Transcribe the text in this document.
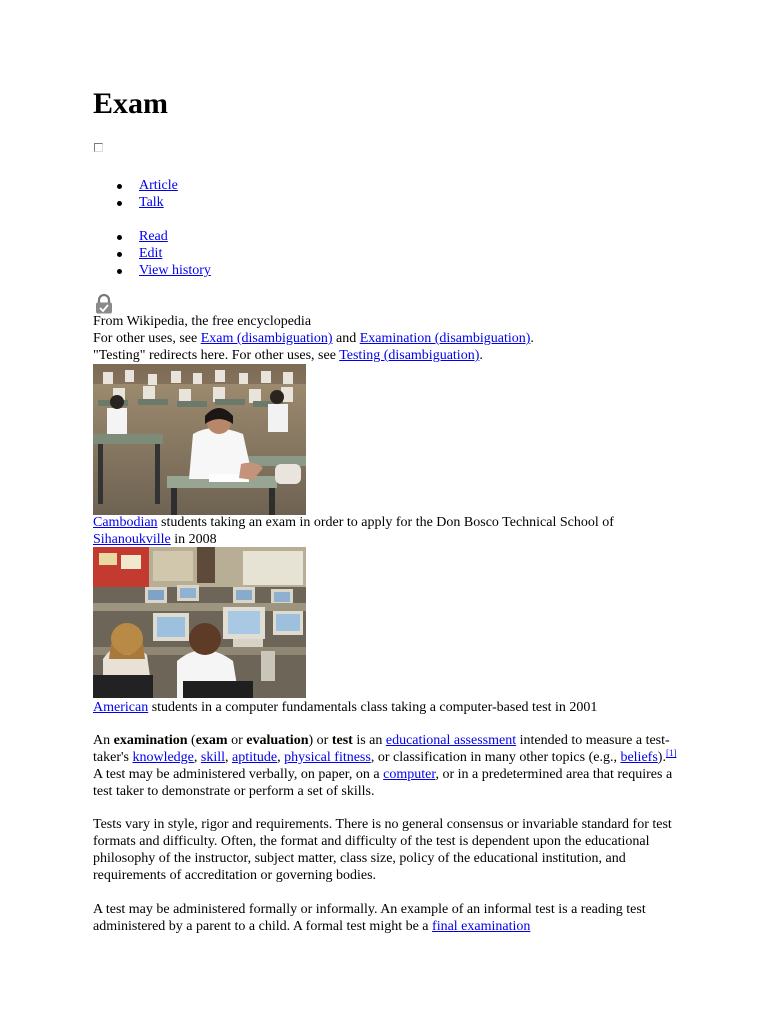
Exam
Article
Talk
Read
Edit
View history
From Wikipedia, the free encyclopedia
For other uses, see Exam (disambiguation) and Examination (disambiguation).
"Testing" redirects here. For other uses, see Testing (disambiguation).
Cambodian students taking an exam in order to apply for the Don Bosco Technical School of
Sihanoukville in 2008
American students in a computer fundamentals class taking a computer-based test in 2001

An examination (exam or evaluation) or test is an educational assessment intended to measure a test-taker's knowledge, skill, aptitude, physical fitness, or classification in many other topics (e.g., beliefs).[1] A test may be administered verbally, on paper, on a computer, or in a predetermined area that requires a test taker to demonstrate or perform a set of skills.

Tests vary in style, rigor and requirements. There is no general consensus or invariable standard for test formats and difficulty. Often, the format and difficulty of the test is dependent upon the educational philosophy of the instructor, subject matter, class size, policy of the educational institution, and requirements of accreditation or governing bodies.

A test may be administered formally or informally. An example of an informal test is a reading test administered by a parent to a child. A formal test might be a final examination
